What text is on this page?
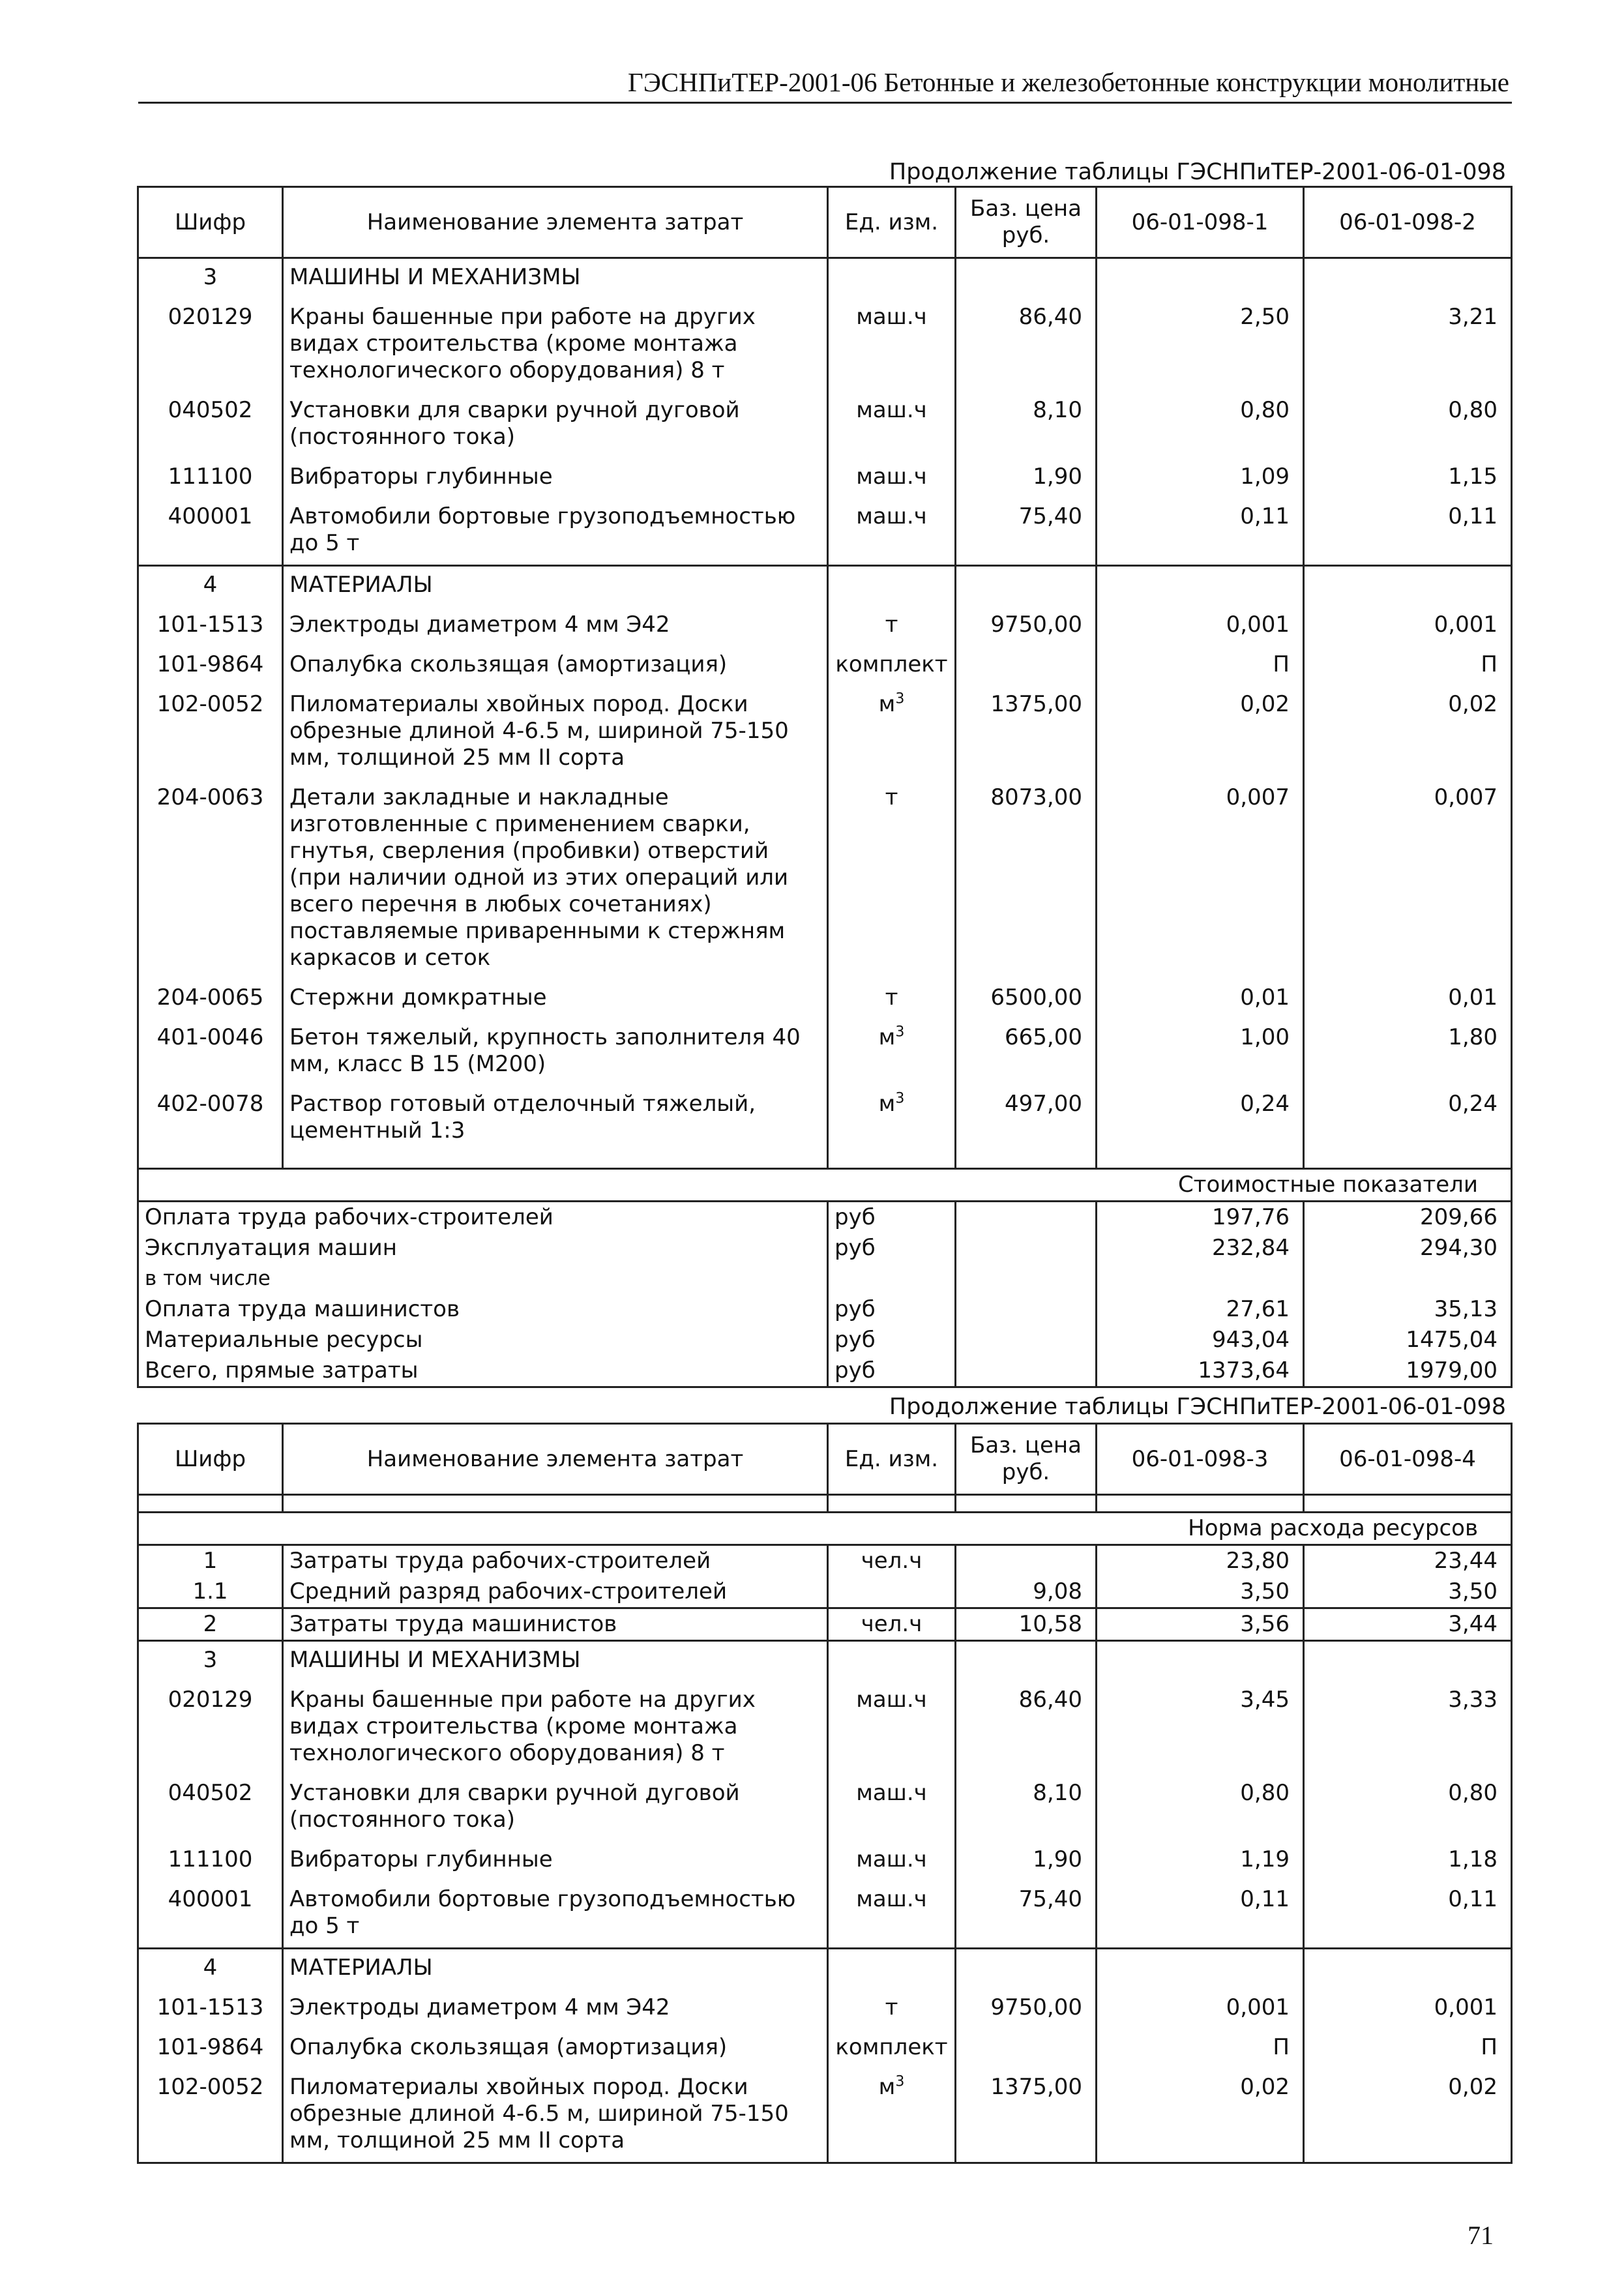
ГЭСНПиТЕР-2001-06 Бетонные и железобетонные конструкции монолитные
Продолжение таблицы ГЭСНПиТЕР-2001-06-01-098
Шифр	Наименование элемента затрат	Ед. изм.	Баз. цена руб.	06-01-098-1	06-01-098-2
3	МАШИНЫ И МЕХАНИЗМЫ				
020129	Краны башенные при работе на других видах строительства (кроме монтажа технологического оборудования) 8 т	маш.ч	86,40	2,50	3,21
040502	Установки для сварки ручной дуговой (постоянного тока)	маш.ч	8,10	0,80	0,80
111100	Вибраторы глубинные	маш.ч	1,90	1,09	1,15
400001	Автомобили бортовые грузоподъемностью до 5 т	маш.ч	75,40	0,11	0,11
4	МАТЕРИАЛЫ				
101-1513	Электроды диаметром 4 мм Э42	т	9750,00	0,001	0,001
101-9864	Опалубка скользящая (амортизация)	комплект		П	П
102-0052	Пиломатериалы хвойных пород. Доски обрезные длиной 4-6.5 м, шириной 75-150 мм, толщиной 25 мм II сорта	$м^3$	1375,00	0,02	0,02
204-0063	Детали закладные и накладные изготовленные с применением сварки, гнутья, сверления (пробивки) отверстий (при наличии одной из этих операций или всего перечня в любых сочетаниях) поставляемые приваренными к стержням каркасов и сеток	т	8073,00	0,007	0,007
204-0065	Стержни домкратные	т	6500,00	0,01	0,01
401-0046	Бетон тяжелый, крупность заполнителя 40 мм, класс В 15 (М200)	$м^3$	665,00	1,00	1,80
402-0078	Раствор готовый отделочный тяжелый, цементный 1:3	$м^3$	497,00	0,24	0,24

Стоимостные показатели					
Оплата труда рабочих-строителей		руб		197,76	209,66
Эксплуатация машин		руб		232,84	294,30
в том числе					
Оплата труда машинистов		руб		27,61	35,13
Материальные ресурсы		руб		943,04	1475,04
Всего, прямые затраты		руб		1373,64	1979,00
Продолжение таблицы ГЭСНПиТЕР-2001-06-01-098
Шифр	Наименование элемента затрат	Ед. изм.	Баз. цена руб.	06-01-098-3	06-01-098-4

Норма расхода ресурсов					
1	Затраты труда рабочих-строителей	чел.ч		23,80	23,44
1.1	Средний разряд рабочих-строителей		9,08	3,50	3,50
2	Затраты труда машинистов	чел.ч	10,58	3,56	3,44
3	МАШИНЫ И МЕХАНИЗМЫ				
020129	Краны башенные при работе на других видах строительства (кроме монтажа технологического оборудования) 8 т	маш.ч	86,40	3,45	3,33
040502	Установки для сварки ручной дуговой (постоянного тока)	маш.ч	8,10	0,80	0,80
111100	Вибраторы глубинные	маш.ч	1,90	1,19	1,18
400001	Автомобили бортовые грузоподъемностью до 5 т	маш.ч	75,40	0,11	0,11
4	МАТЕРИАЛЫ				
101-1513	Электроды диаметром 4 мм Э42	т	9750,00	0,001	0,001
101-9864	Опалубка скользящая (амортизация)	комплект		П	П
102-0052	Пиломатериалы хвойных пород. Доски обрезные длиной 4-6.5 м, шириной 75-150 мм, толщиной 25 мм II сорта	$м^3$	1375,00	0,02	0,02
71
